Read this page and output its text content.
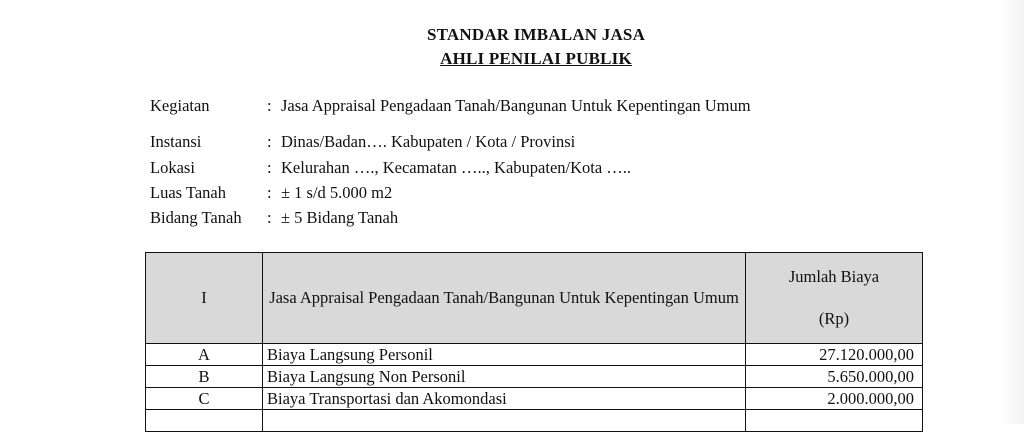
STANDAR IMBALAN JASA
AHLI PENILAI PUBLIK
Kegiatan	: Jasa Appraisal Pengadaan Tanah/Bangunan Untuk Kepentingan Umum
Instansi	: Dinas/Badan…. Kabupaten / Kota / Provinsi
Lokasi	: Kelurahan …., Kecamatan ….., Kabupaten/Kota …..
Luas Tanah : ± 1 s/d 5.000 m2
Bidang Tanah : ± 5 Bidang Tanah
I	Jasa Appraisal Pengadaan Tanah/Bangunan Untuk Kepentingan Umum	Jumlah Biaya
(Rp)

A	Biaya Langsung Personil	27.120.000,00
B	Biaya Langsung Non Personil	5.650.000,00
C	Biaya Transportasi dan Akomondasi	2.000.000,00
